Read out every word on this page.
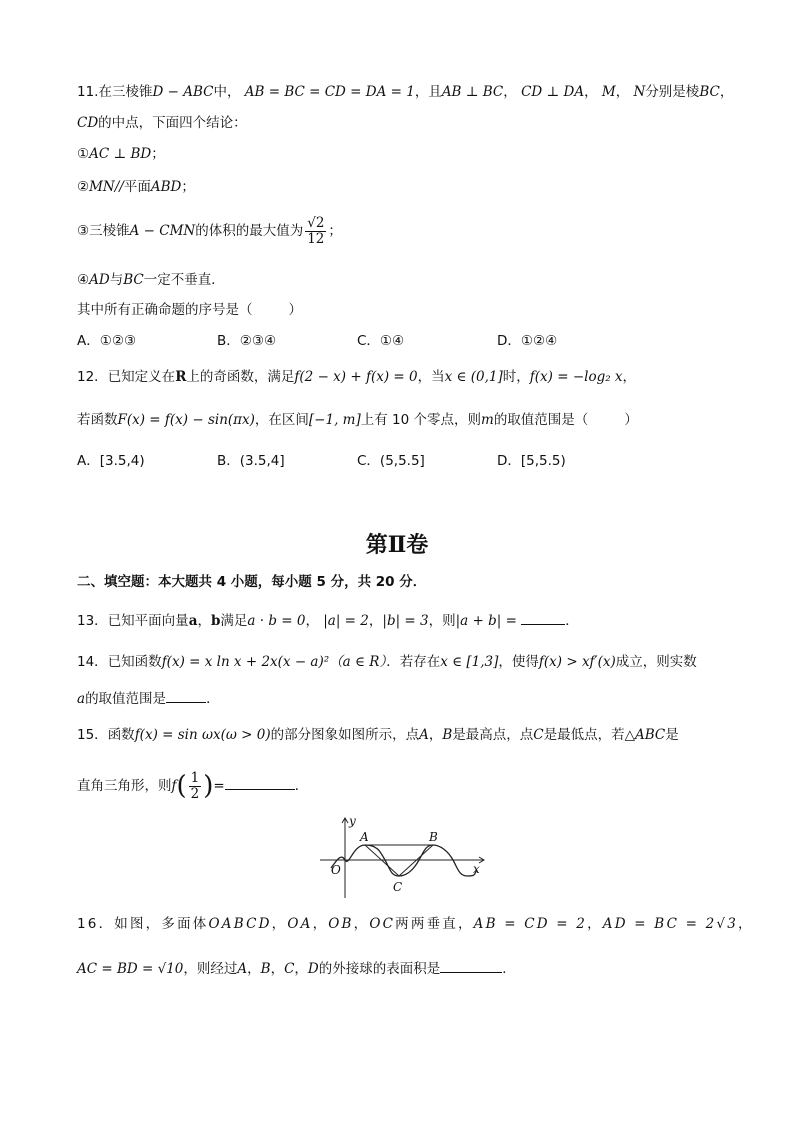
11.在三棱锥D − ABC中， AB = BC = CD = DA = 1，且AB ⊥ BC， CD ⊥ DA， M， N分别是棱BC，
CD的中点，下面四个结论：
①AC ⊥ BD；
②MN//平面ABD；
③三棱锥A − CMN的体积的最大值为 $\frac{√2}{12}$ ；
④AD与BC一定不垂直．
其中所有正确命题的序号是（	）
A．①②③	B．②③④	C．①④	D．①②④
12．已知定义在R上的奇函数，满足f(2 − x) + f(x) = 0，当x ∈ (0,1]时，f(x) = −log₂ x，
若函数F(x) = f(x) − sin(πx)，在区间[−1, m]上有 10 个零点，则m的取值范围是（	）
A．[3.5,4)	B．(3.5,4]	C．(5,5.5]	D．[5,5.5)
第Ⅱ卷
二、填空题：本大题共 4 小题，每小题 5 分，共 20 分．
13．已知平面向量a，b满足a · b = 0， |a| = 2，|b| = 3，则|a + b| =	．
14．已知函数f(x) = x ln x + 2x(x − a)²（a ∈ R）．若存在x ∈ [1,3]，使得f(x) > xf′(x)成立，则实数
a的取值范围是	．
15．函数f(x) = sin ωx(ω > 0)的部分图象如图所示，点A，B是最高点，点C是最低点，若△ABC是
直角三角形，则$f( \frac{1}{2}$ )=	．
y
x
O
A	B
C
16．如图，多面体OABCD，OA，OB，OC两两垂直，AB = CD = 2，AD = BC = 2√3，
AC = BD = √10，则经过A，B，C，D的外接球的表面积是	．
